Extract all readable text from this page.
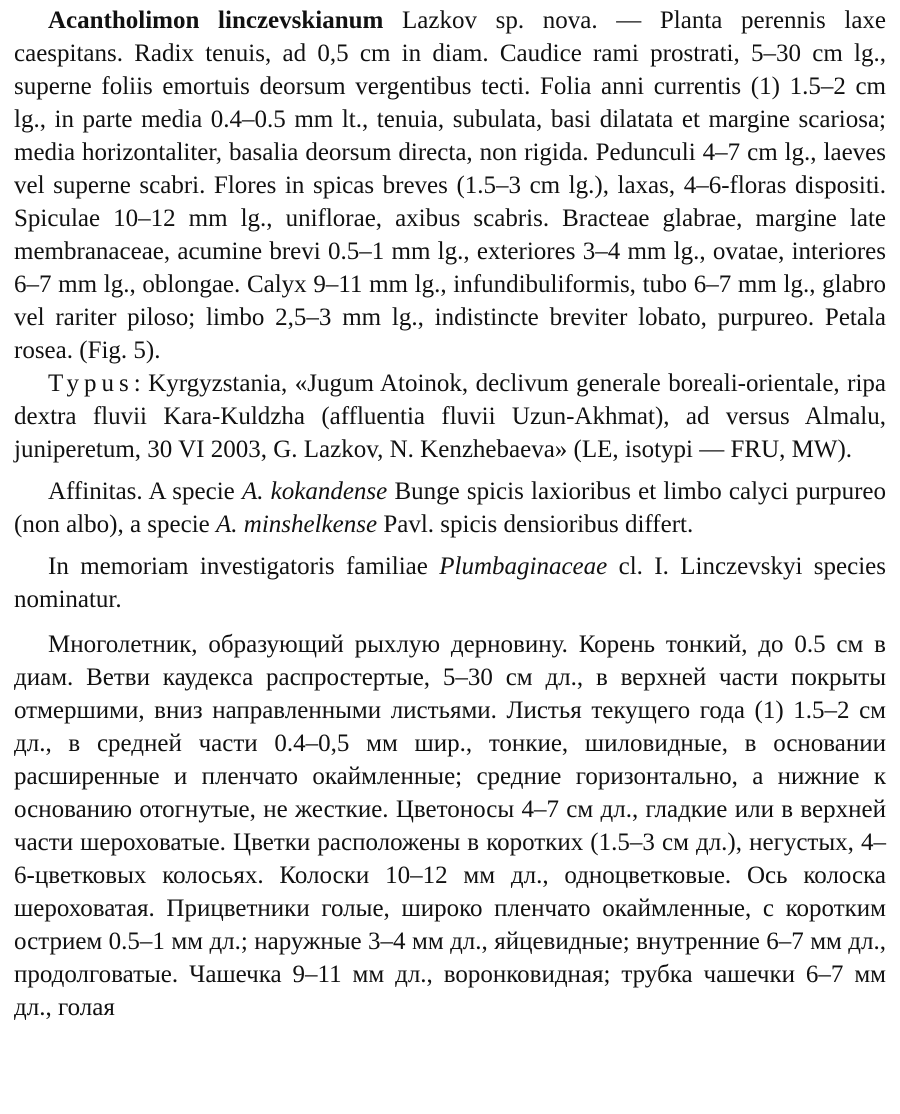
Acantholimon linczevskianum Lazkov sp. nova. — Planta perennis laxe caespitans. Radix tenuis, ad 0,5 cm in diam. Caudice rami prostrati, 5–30 cm lg., superne foliis emortuis deorsum vergentibus tecti. Folia anni currentis (1) 1.5–2 cm lg., in parte media 0.4–0.5 mm lt., tenuia, subulata, basi dilatata et margine scariosa; media horizontaliter, basalia deorsum directa, non rigida. Pedunculi 4–7 cm lg., laeves vel superne scabri. Flores in spicas breves (1.5–3 cm lg.), laxas, 4–6-floras dispositi. Spiculae 10–12 mm lg., uniflorae, axibus scabris. Bracteae glabrae, margine late membranaceae, acumine brevi 0.5–1 mm lg., exteriores 3–4 mm lg., ovatae, interiores 6–7 mm lg., oblongae. Calyx 9–11 mm lg., infundibuliformis, tubo 6–7 mm lg., glabro vel rariter piloso; limbo 2,5–3 mm lg., indistincte breviter lobato, purpureo. Petala rosea. (Fig. 5).

Typus: Kyrgyzstania, «Jugum Atoinok, declivum generale boreali-orientale, ripa dextra fluvii Kara-Kuldzha (affluentia fluvii Uzun-Akhmat), ad versus Almalu, juniperetum, 30 VI 2003, G. Lazkov, N. Kenzhebaeva» (LE, isotypi — FRU, MW).

Affinitas. A specie A. kokandense Bunge spicis laxioribus et limbo calyci purpureo (non albo), a specie A. minshelkense Pavl. spicis densioribus differt.

In memoriam investigatoris familiae Plumbaginaceae cl. I. Linczevskyi species nominatur.

Многолетник, образующий рыхлую дерновину. Корень тонкий, до 0.5 см в диам. Ветви каудекса распростертые, 5–30 см дл., в верхней части покрыты отмершими, вниз направленными листьями. Листья текущего года (1) 1.5–2 см дл., в средней части 0.4–0,5 мм шир., тонкие, шиловидные, в основании расширенные и пленчато окаймленные; средние горизонтально, а нижние к основанию отогнутые, не жесткие. Цветоносы 4–7 см дл., гладкие или в верхней части шероховатые. Цветки расположены в коротких (1.5–3 см дл.), негустых, 4–6-цветковых колосьях. Колоски 10–12 мм дл., одноцветковые. Ось колоска шероховатая. Прицветники голые, широко пленчато окаймленные, с коротким острием 0.5–1 мм дл.; наружные 3–4 мм дл., яйцевидные; внутренние 6–7 мм дл., продолговатые. Чашечка 9–11 мм дл., воронковидная; трубка чашечки 6–7 мм дл., голая
